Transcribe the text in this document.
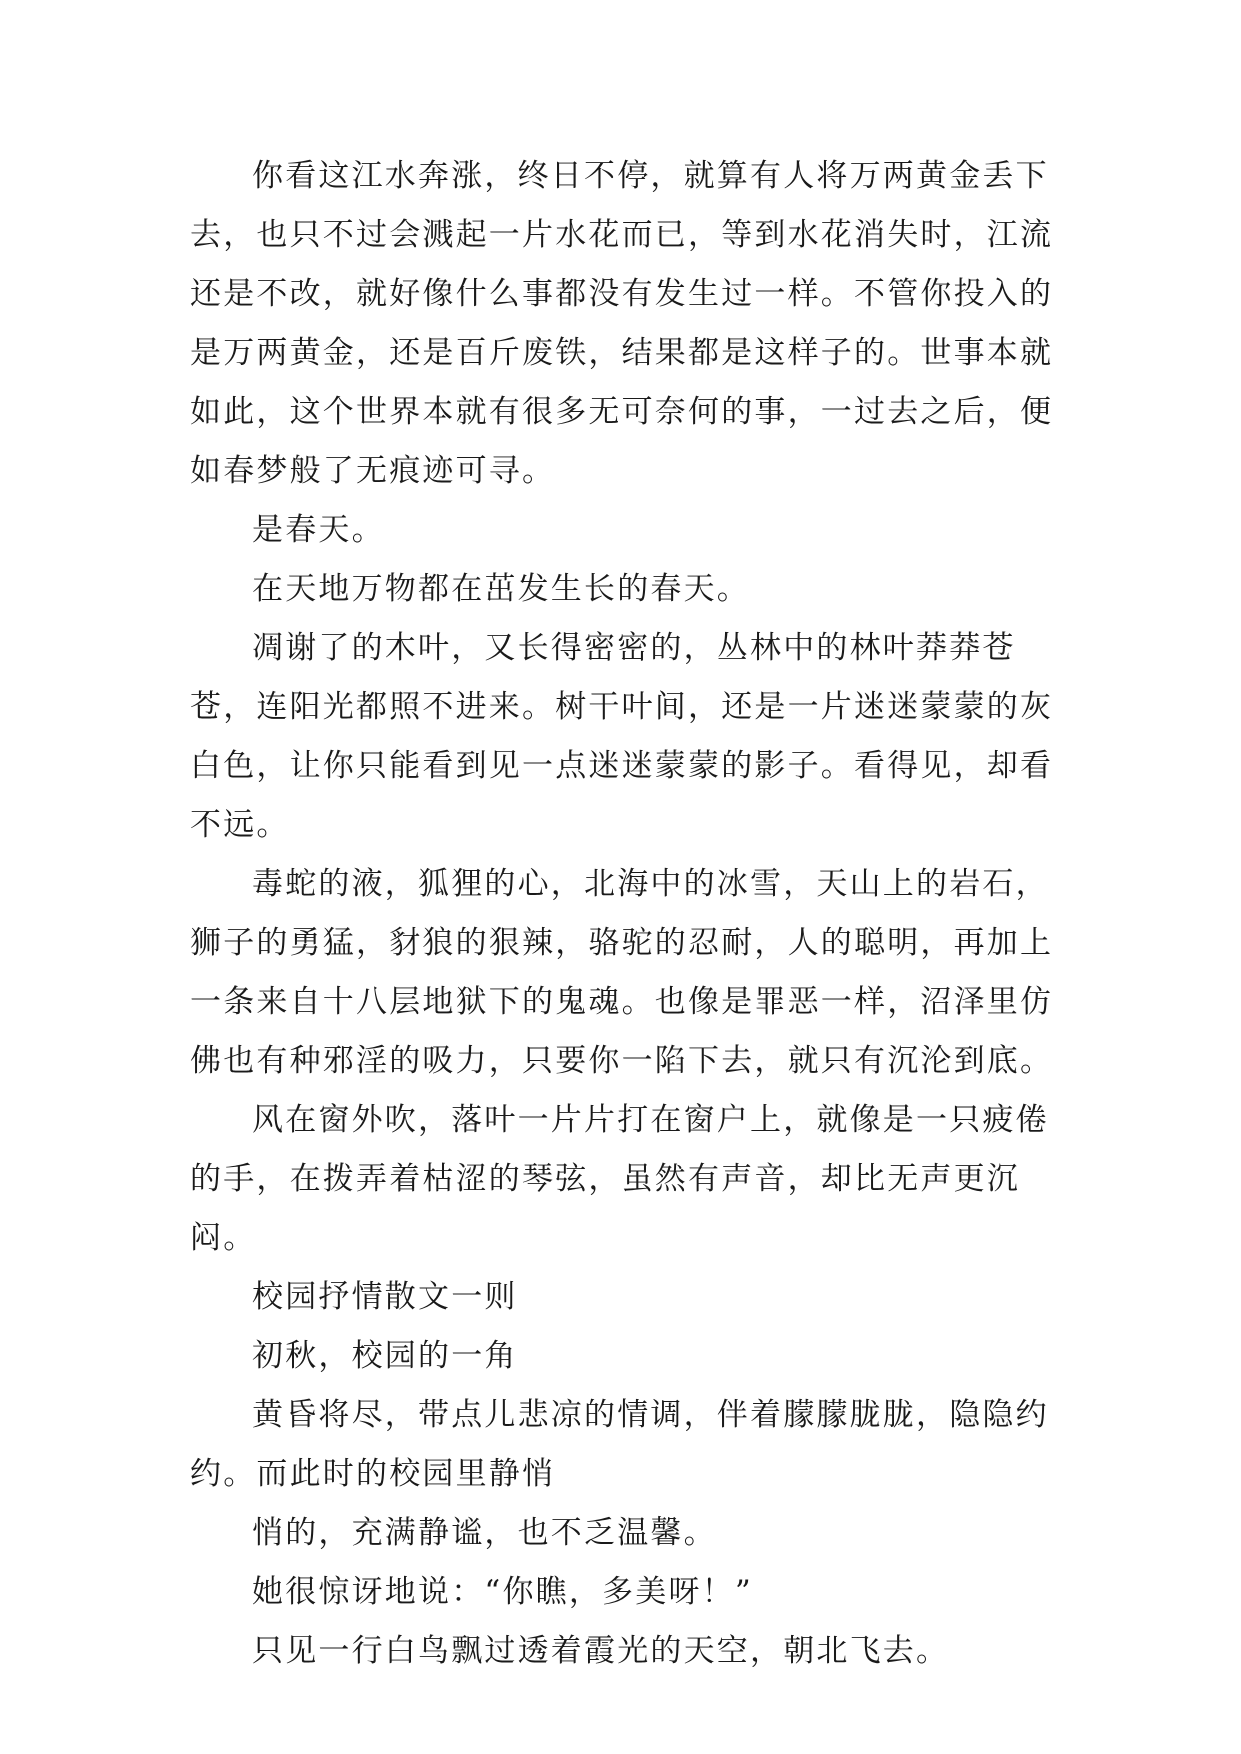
你看这江水奔涨，终日不停，就算有人将万两黄金丢下去，也只不过会溅起一片水花而已，等到水花消失时，江流还是不改，就好像什么事都没有发生过一样。不管你投入的是万两黄金，还是百斤废铁，结果都是这样子的。世事本就如此，这个世界本就有很多无可奈何的事，一过去之后，便如春梦般了无痕迹可寻。

是春天。

在天地万物都在茁发生长的春天。

凋谢了的木叶，又长得密密的，丛林中的林叶莽莽苍苍，连阳光都照不进来。树干叶间，还是一片迷迷蒙蒙的灰白色，让你只能看到见一点迷迷蒙蒙的影子。看得见，却看不远。

毒蛇的液，狐狸的心，北海中的冰雪，天山上的岩石，狮子的勇猛，豺狼的狠辣，骆驼的忍耐，人的聪明，再加上一条来自十八层地狱下的鬼魂。也像是罪恶一样，沼泽里仿佛也有种邪淫的吸力，只要你一陷下去，就只有沉沦到底。

风在窗外吹，落叶一片片打在窗户上，就像是一只疲倦的手，在拨弄着枯涩的琴弦，虽然有声音，却比无声更沉闷。

校园抒情散文一则

初秋，校园的一角

黄昏将尽，带点儿悲凉的情调，伴着朦朦胧胧，隐隐约约。而此时的校园里静悄

悄的，充满静谧，也不乏温馨。

她很惊讶地说：“你瞧，多美呀！”

只见一行白鸟飘过透着霞光的天空，朝北飞去。
